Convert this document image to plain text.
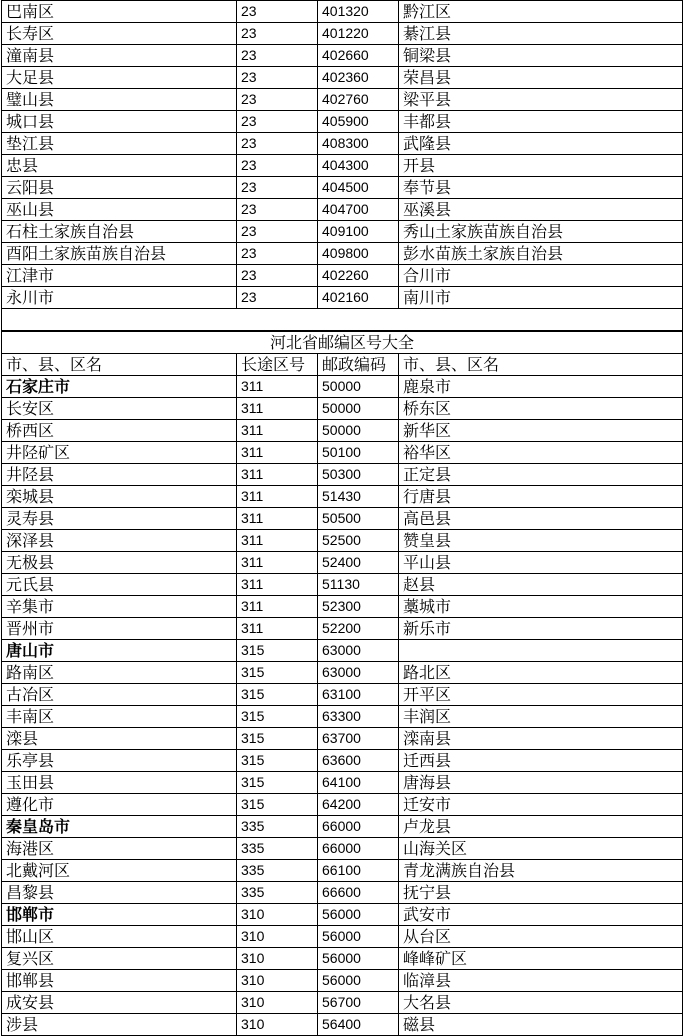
巴南区	23	401320	黔江区
长寿区	23	401220	綦江县
潼南县	23	402660	铜梁县
大足县	23	402360	荣昌县
璧山县	23	402760	梁平县
城口县	23	405900	丰都县
垫江县	23	408300	武隆县
忠县	23	404300	开县
云阳县	23	404500	奉节县
巫山县	23	404700	巫溪县
石柱土家族自治县	23	409100	秀山土家族苗族自治县
酉阳土家族苗族自治县	23	409800	彭水苗族土家族自治县
江津市	23	402260	合川市
永川市	23	402160	南川市

河北省邮编区号大全			
市、县、区名	长途区号	邮政编码	市、县、区名
石家庄市	311	50000	鹿泉市
长安区	311	50000	桥东区
桥西区	311	50000	新华区
井陉矿区	311	50100	裕华区
井陉县	311	50300	正定县
栾城县	311	51430	行唐县
灵寿县	311	50500	高邑县
深泽县	311	52500	赞皇县
无极县	311	52400	平山县
元氏县	311	51130	赵县
辛集市	311	52300	藁城市
晋州市	311	52200	新乐市
唐山市	315	63000	
路南区	315	63000	路北区
古冶区	315	63100	开平区
丰南区	315	63300	丰润区
滦县	315	63700	滦南县
乐亭县	315	63600	迁西县
玉田县	315	64100	唐海县
遵化市	315	64200	迁安市
秦皇岛市	335	66000	卢龙县
海港区	335	66000	山海关区
北戴河区	335	66100	青龙满族自治县
昌黎县	335	66600	抚宁县
邯郸市	310	56000	武安市
邯山区	310	56000	从台区
复兴区	310	56000	峰峰矿区
邯郸县	310	56000	临漳县
成安县	310	56700	大名县
涉县	310	56400	磁县
